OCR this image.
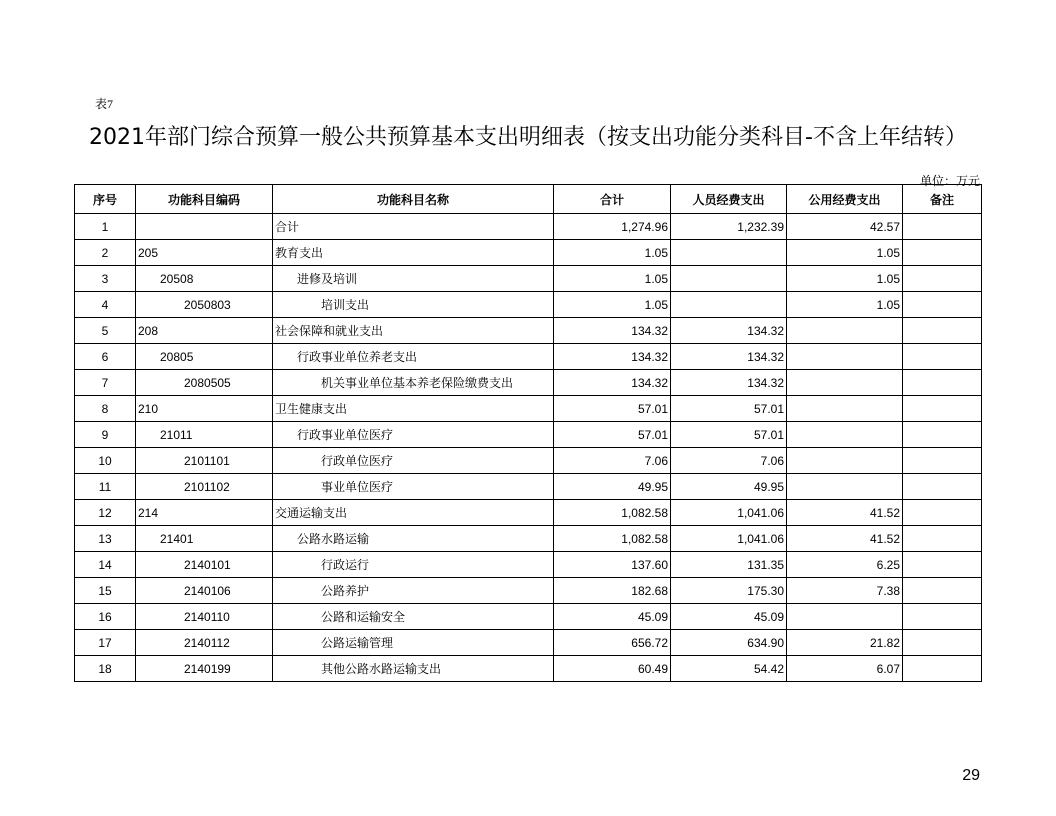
表7
2021年部门综合预算一般公共预算基本支出明细表（按支出功能分类科目-不含上年结转）
单位：万元
序号	功能科目编码	功能科目名称	合计	人员经费支出	公用经费支出	备注
1		合计	1,274.96	1,232.39	42.57	
2	205	教育支出	1.05		1.05	
3	20508	进修及培训	1.05		1.05	
4	2050803	培训支出	1.05		1.05	
5	208	社会保障和就业支出	134.32	134.32		
6	20805	行政事业单位养老支出	134.32	134.32		
7	2080505	机关事业单位基本养老保险缴费支出	134.32	134.32		
8	210	卫生健康支出	57.01	57.01		
9	21011	行政事业单位医疗	57.01	57.01		
10	2101101	行政单位医疗	7.06	7.06		
11	2101102	事业单位医疗	49.95	49.95		
12	214	交通运输支出	1,082.58	1,041.06	41.52	
13	21401	公路水路运输	1,082.58	1,041.06	41.52	
14	2140101	行政运行	137.60	131.35	6.25	
15	2140106	公路养护	182.68	175.30	7.38	
16	2140110	公路和运输安全	45.09	45.09		
17	2140112	公路运输管理	656.72	634.90	21.82	
18	2140199	其他公路水路运输支出	60.49	54.42	6.07	
29
